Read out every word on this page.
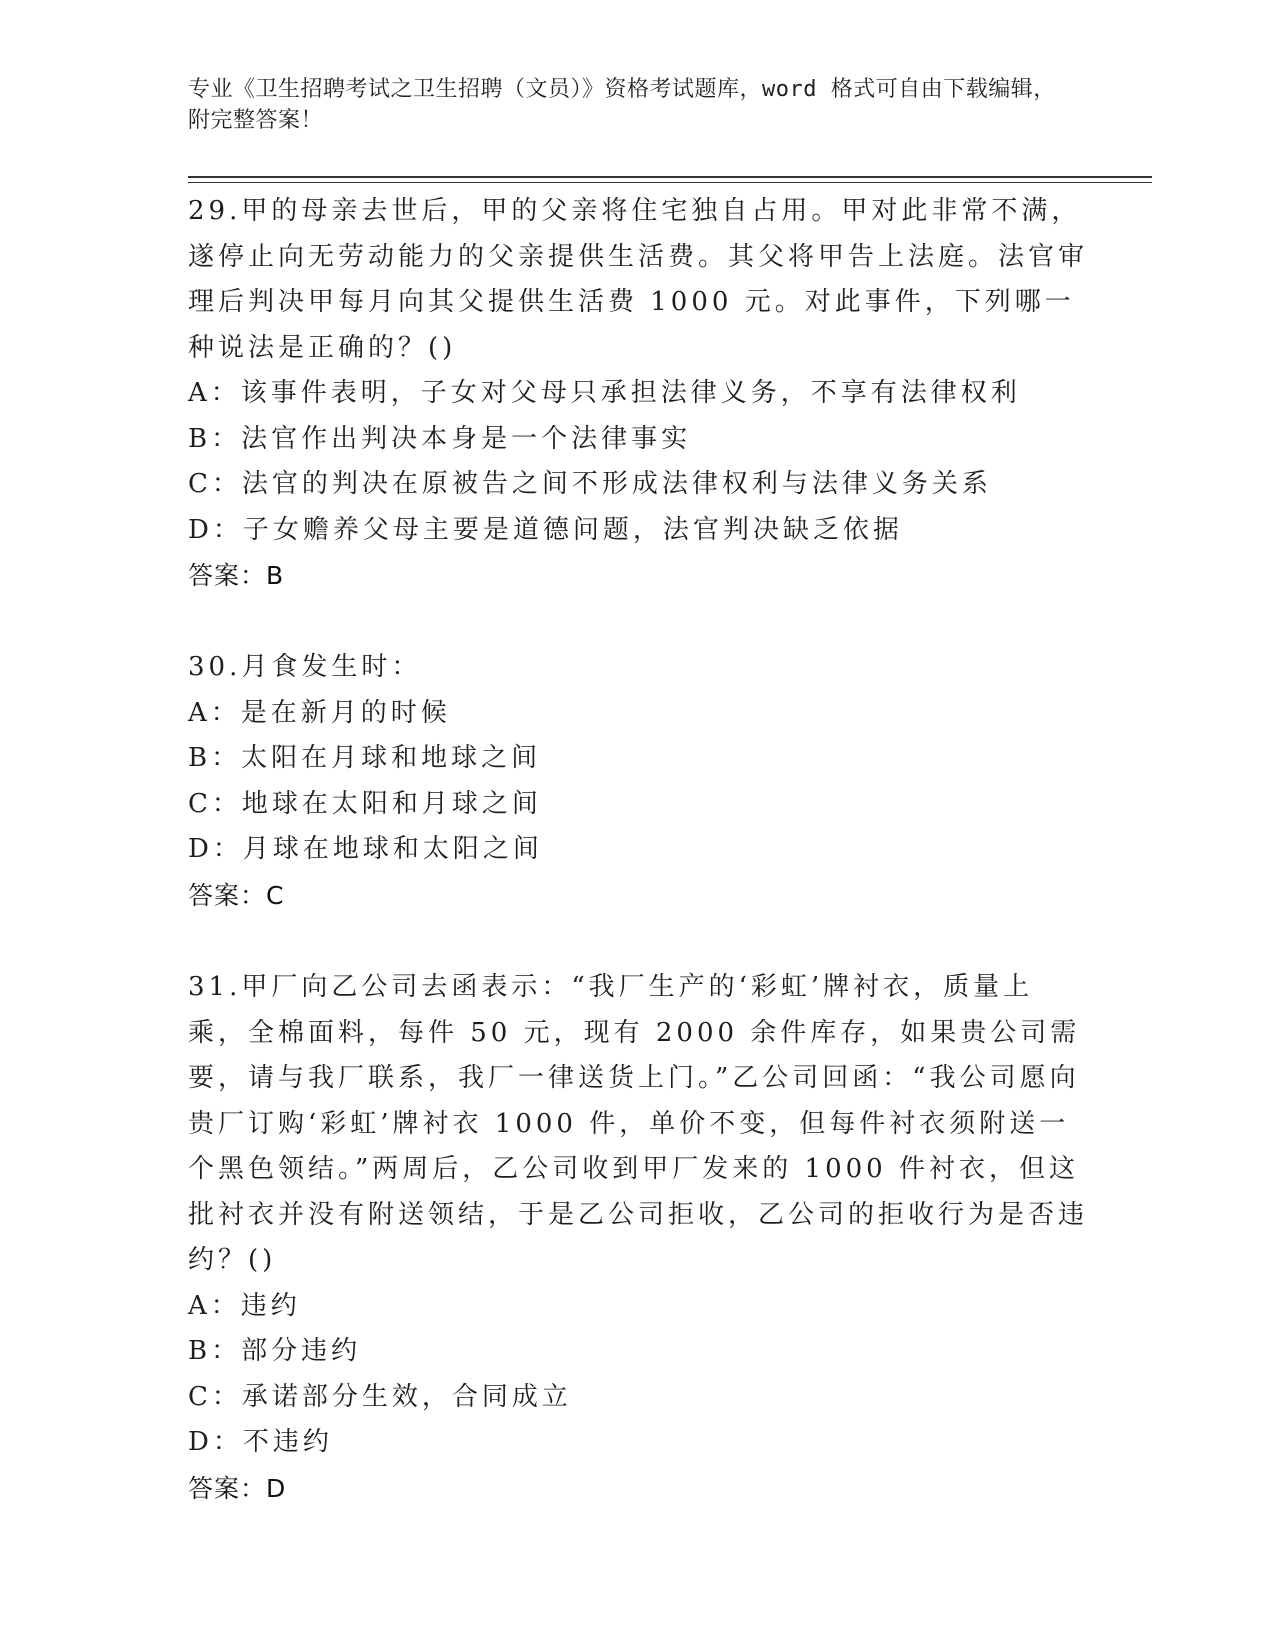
专业《卫生招聘考试之卫生招聘（文员）》资格考试题库，word 格式可自由下载编辑，附完整答案！
29.甲的母亲去世后，甲的父亲将住宅独自占用。甲对此非常不满，遂停止向无劳动能力的父亲提供生活费。其父将甲告上法庭。法官审理后判决甲每月向其父提供生活费 1000 元。对此事件，下列哪一种说法是正确的？()
A：该事件表明，子女对父母只承担法律义务，不享有法律权利
B：法官作出判决本身是一个法律事实
C：法官的判决在原被告之间不形成法律权利与法律义务关系
D：子女赡养父母主要是道德问题，法官判决缺乏依据
答案：B
30.月食发生时：
A：是在新月的时候
B：太阳在月球和地球之间
C：地球在太阳和月球之间
D：月球在地球和太阳之间
答案：C
31.甲厂向乙公司去函表示：“我厂生产的‘彩虹’牌衬衣，质量上乘，全棉面料，每件 50 元，现有 2000 余件库存，如果贵公司需要，请与我厂联系，我厂一律送货上门。”乙公司回函：“我公司愿向贵厂订购‘彩虹’牌衬衣 1000 件，单价不变，但每件衬衣须附送一个黑色领结。”两周后，乙公司收到甲厂发来的 1000 件衬衣，但这批衬衣并没有附送领结，于是乙公司拒收，乙公司的拒收行为是否违约？()
A：违约
B：部分违约
C：承诺部分生效，合同成立
D：不违约
答案：D
